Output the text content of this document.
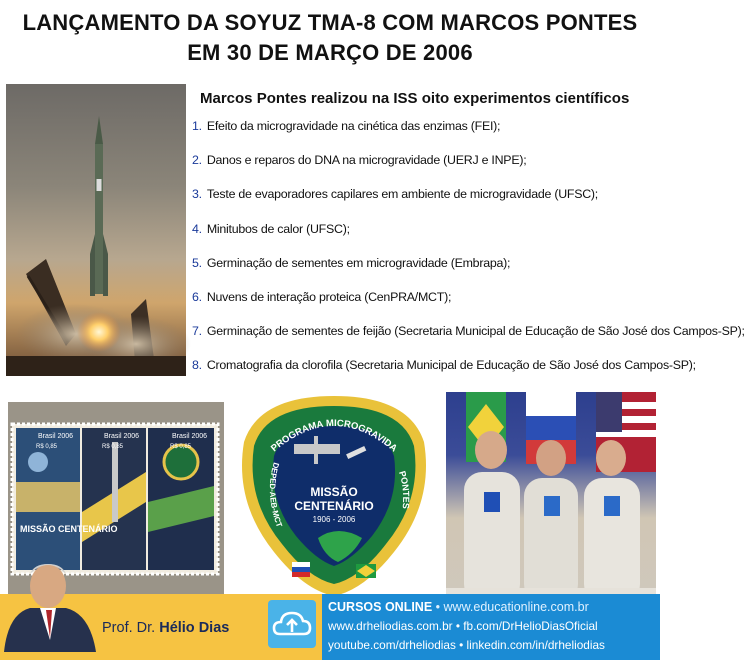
LANÇAMENTO DA SOYUZ TMA-8 COM MARCOS PONTES
EM 30 DE MARÇO DE 2006
Marcos Pontes realizou na ISS oito experimentos científicos
1. Efeito da microgravidade na cinética das enzimas (FEI);
2. Danos e reparos do DNA na microgravidade (UERJ e INPE);
3. Teste de evaporadores capilares em ambiente de microgravidade (UFSC);
4. Minitubos de calor (UFSC);
5. Germinação de sementes em microgravidade (Embrapa);
6. Nuvens de interação proteica (CenPRA/MCT);
7. Germinação de sementes de feijão (Secretaria Municipal de Educação de São José dos Campos-SP);
8. Cromatografia da clorofila (Secretaria Municipal de Educação de São José dos Campos-SP);
Brasil 2006	Brasil 2006	Brasil 2006
R$ 0,85	R$ 0,85	R$ 0,85
MISSÃO CENTENÁRIO
PROGRAMA MICROGRAVIDA
DEPED-AEB-MCT
PONTES
MISSÃO
CENTENÁRIO
1906 - 2006
Prof. Dr. Hélio Dias
CURSOS ONLINE • www.educationline.com.br
www.drheliodias.com.br • fb.com/DrHelioDiasOficial
youtube.com/drheliodias • linkedin.com/in/drheliodias
